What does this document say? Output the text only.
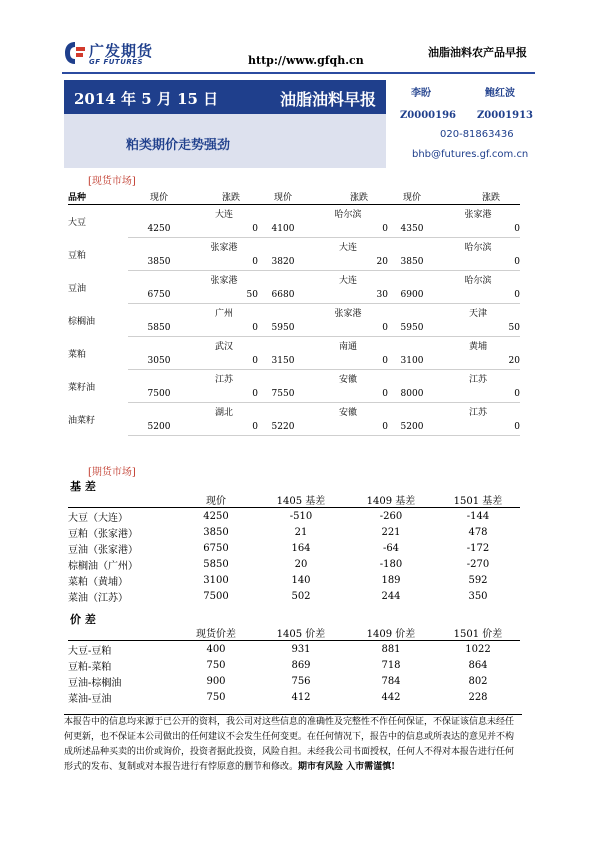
广发期货
GF FUTURES	http://www.gfqh.cn
油脂油料农产品早报
2014 年 5 月 15 日	油脂油料早报
粕类期价走势强劲
李盼	鲍红波
Z0000196 Z0001913
020-81863436
bhb@futures.gf.com.cn
[现货市场]
品种	现价	涨跌	现价	涨跌	现价	涨跌
大豆		大连		哈尔滨		张家港
	4250	0	4100	0	4350	0
豆粕		张家港		大连		哈尔滨
	3850	0	3820	20	3850	0
豆油		张家港		大连		哈尔滨
	6750	50	6680	30	6900	0
棕榈油		广州		张家港		天津
	5850	0	5950	0	5950	50
菜粕		武汉		南通		黄埔
	3050	0	3150	0	3100	20
菜籽油		江苏		安徽		江苏
	7500	0	7550	0	8000	0
油菜籽		湖北		安徽		江苏
	5200	0	5220	0	5200	0
[期货市场]
基 差
	现价	1405 基差	1409 基差	1501 基差
大豆（大连）	4250	-510	-260	-144
豆粕（张家港）	3850	21	221	478
豆油（张家港）	6750	164	-64	-172
棕榈油（广州）	5850	20	-180	-270
菜粕（黄埔）	3100	140	189	592
菜油（江苏）	7500	502	244	350
价 差
	现货价差	1405 价差	1409 价差	1501 价差
大豆-豆粕	400	931	881	1022
豆粕-菜粕	750	869	718	864
豆油-棕榈油	900	756	784	802
菜油-豆油	750	412	442	228
本报告中的信息均来源于已公开的资料，我公司对这些信息的准确性及完整性不作任何保证，不保证该信息未经任何更新，也不保证本公司做出的任何建议不会发生任何变更。在任何情况下，报告中的信息或所表达的意见并不构成所述品种买卖的出价或询价，投资者据此投资，风险自担。未经我公司书面授权，任何人不得对本报告进行任何形式的发布、复制或对本报告进行有悖原意的删节和修改。期市有风险 入市需谨慎!
